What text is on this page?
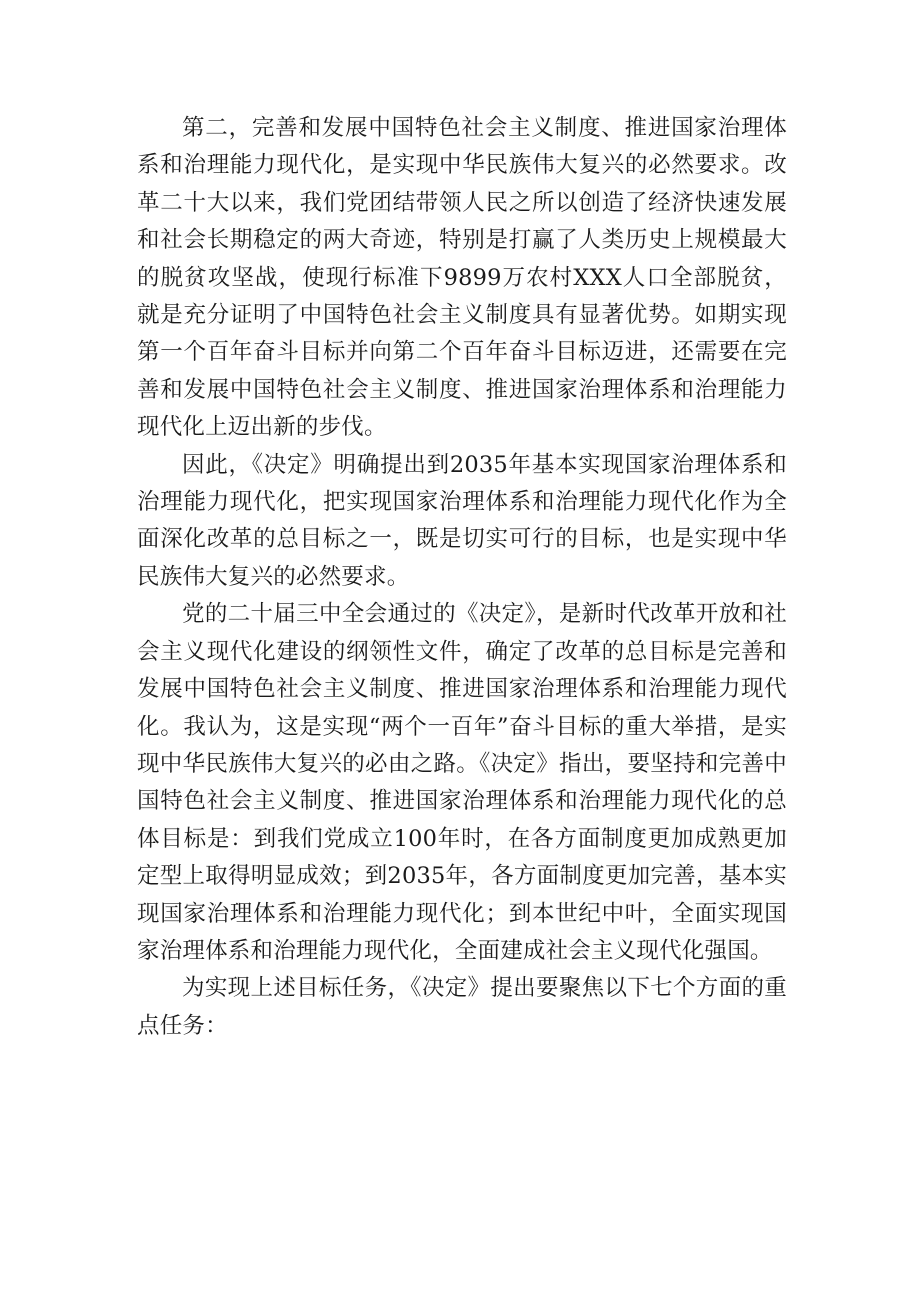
第二，完善和发展中国特色社会主义制度、推进国家治理体系和治理能力现代化，是实现中华民族伟大复兴的必然要求。改革二十大以来，我们党团结带领人民之所以创造了经济快速发展和社会长期稳定的两大奇迹，特别是打赢了人类历史上规模最大的脱贫攻坚战，使现行标准下9899万农村XXX人口全部脱贫，就是充分证明了中国特色社会主义制度具有显著优势。如期实现第一个百年奋斗目标并向第二个百年奋斗目标迈进，还需要在完善和发展中国特色社会主义制度、推进国家治理体系和治理能力现代化上迈出新的步伐。

因此，《决定》明确提出到2035年基本实现国家治理体系和治理能力现代化，把实现国家治理体系和治理能力现代化作为全面深化改革的总目标之一，既是切实可行的目标，也是实现中华民族伟大复兴的必然要求。

党的二十届三中全会通过的《决定》，是新时代改革开放和社会主义现代化建设的纲领性文件，确定了改革的总目标是完善和发展中国特色社会主义制度、推进国家治理体系和治理能力现代化。我认为，这是实现“两个一百年”奋斗目标的重大举措，是实现中华民族伟大复兴的必由之路。《决定》指出，要坚持和完善中国特色社会主义制度、推进国家治理体系和治理能力现代化的总体目标是：到我们党成立100年时，在各方面制度更加成熟更加定型上取得明显成效；到2035年，各方面制度更加完善，基本实现国家治理体系和治理能力现代化；到本世纪中叶，全面实现国家治理体系和治理能力现代化，全面建成社会主义现代化强国。

为实现上述目标任务，《决定》提出要聚焦以下七个方面的重点任务：
